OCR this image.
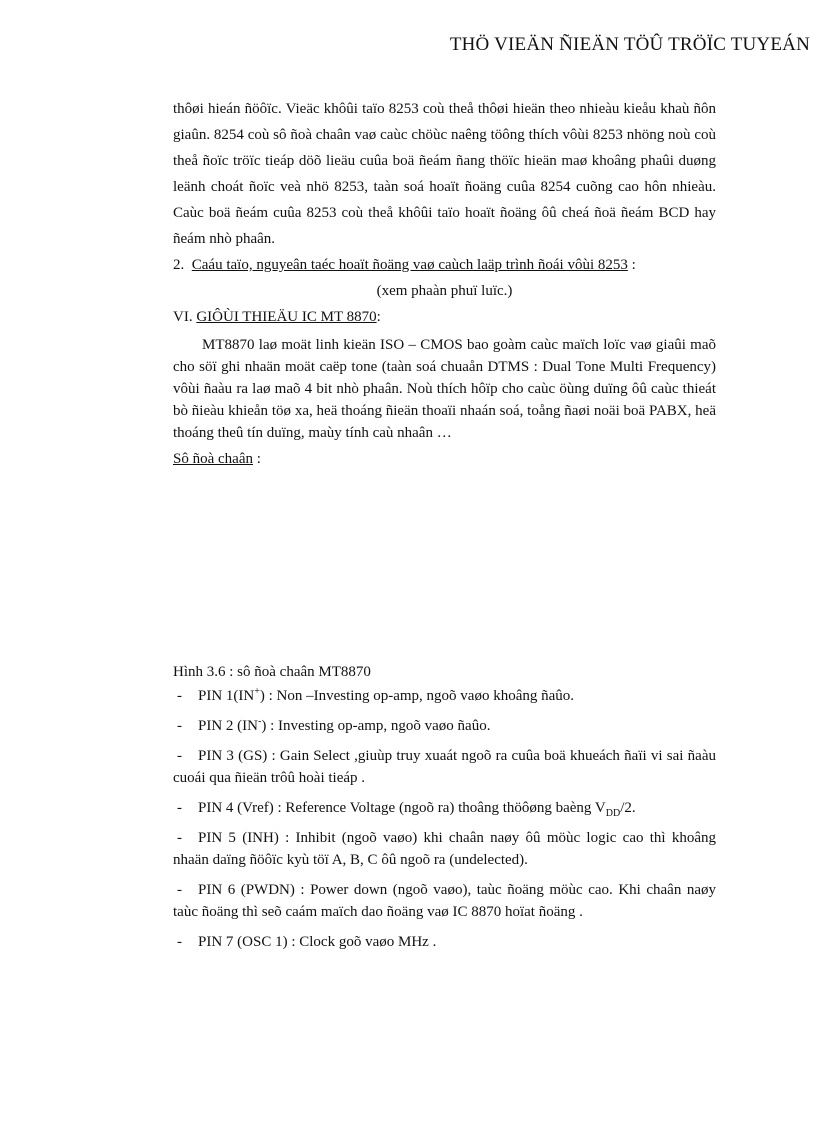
THÖ VIEÄN ÑIEÄN TÖÛ TRÖÏC TUYEÁN

thôøi hieán ñöôïc. Vieäc khôûi taïo 8253 coù theå thôøi hieän theo nhieàu kieåu khaù ñôn giaûn. 8254 coù sô ñoà chaân vaø caùc chöùc naêng töông thích vôùi 8253 nhöng noù coù theå ñoïc tröïc tieáp döõ lieäu cuûa boä ñeám ñang thöïc hieän maø khoâng phaûi duøng leänh choát ñoïc veà nhö 8253, taàn soá hoaït ñoäng cuûa 8254 cuõng cao hôn nhieàu. Caùc boä ñeám cuûa 8253 coù theå khôûi taïo hoaït ñoäng ôû cheá ñoä ñeám BCD hay ñeám nhò phaân.

2. Caáu taïo, nguyeân taéc hoaït ñoäng vaø caùch laäp trình ñoái vôùi 8253 :

(xem phaàn phuï luïc.)

VI. GIÔÙI THIEÄU IC MT 8870:

MT8870 laø moät linh kieän ISO – CMOS bao goàm caùc maïch loïc vaø giaûi maõ cho söï ghi nhaän moät caëp tone (taàn soá chuaån DTMS : Dual Tone Multi Frequency) vôùi ñaàu ra laø maõ 4 bit nhò phaân. Noù thích hôïp cho caùc öùng duïng ôû caùc thieát bò ñieàu khieån töø xa, heä thoáng ñieän thoaïi nhaán soá, toång ñaøi noäi boä PABX, heä thoáng theû tín duïng, maùy tính caù nhaân …

Sô ñoà chaân :

Hình 3.6 : sô ñoà chaân MT8870

- PIN 1(IN+) : Non –Investing op-amp, ngoõ vaøo khoâng ñaûo.
- PIN 2 (IN-) : Investing op-amp, ngoõ vaøo ñaûo.
- PIN 3 (GS) : Gain Select ,giuùp truy xuaát ngoõ ra cuûa boä khueách ñaïi vi sai ñaàu cuoái qua ñieän trôû hoài tieáp .
- PIN 4 (Vref) : Reference Voltage (ngoõ ra) thoâng thöôøng baèng $V_{DD}/2$.
- PIN 5 (INH) : Inhibit (ngoõ vaøo) khi chaân naøy ôû möùc logic cao thì khoâng nhaän daïng ñöôïc kyù töï A, B, C ôû ngoõ ra (undelected).
- PIN 6 (PWDN) : Power down (ngoõ vaøo), taùc ñoäng möùc cao. Khi chaân naøy taùc ñoäng thì seõ caám maïch dao ñoäng vaø IC 8870 hoïat ñoäng .
- PIN 7 (OSC 1) : Clock goõ vaøo MHz .
